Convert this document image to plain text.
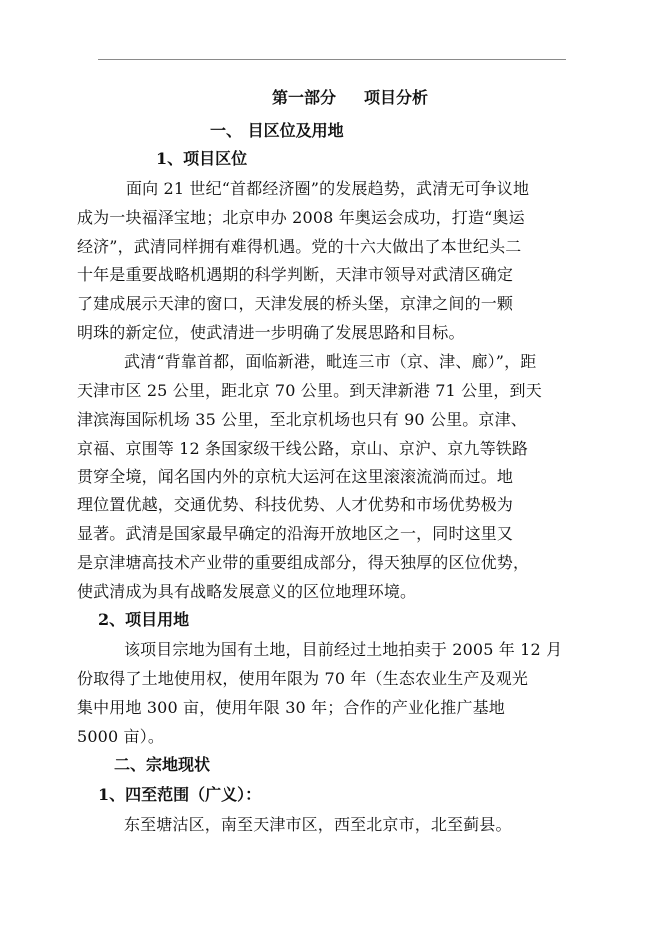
第一部分 项目分析
一、 目区位及用地
1、项目区位
面向 21 世纪“首都经济圈”的发展趋势，武清无可争议地
成为一块福泽宝地；北京申办 2008 年奥运会成功，打造“奥运
经济”，武清同样拥有难得机遇。党的十六大做出了本世纪头二
十年是重要战略机遇期的科学判断，天津市领导对武清区确定
了建成展示天津的窗口，天津发展的桥头堡，京津之间的一颗
明珠的新定位，使武清进一步明确了发展思路和目标。
武清“背靠首都，面临新港，毗连三市（京、津、廊）”，距
天津市区 25 公里，距北京 70 公里。到天津新港 71 公里，到天
津滨海国际机场 35 公里，至北京机场也只有 90 公里。京津、
京福、京围等 12 条国家级干线公路，京山、京沪、京九等铁路
贯穿全境，闻名国内外的京杭大运河在这里滚滚流淌而过。地
理位置优越，交通优势、科技优势、人才优势和市场优势极为
显著。武清是国家最早确定的沿海开放地区之一，同时这里又
是京津塘高技术产业带的重要组成部分，得天独厚的区位优势，
使武清成为具有战略发展意义的区位地理环境。
2、项目用地
该项目宗地为国有土地，目前经过土地拍卖于 2005 年 12 月
份取得了土地使用权，使用年限为 70 年（生态农业生产及观光
集中用地 300 亩，使用年限 30 年；合作的产业化推广基地
5000 亩）。
二、宗地现状
1、四至范围（广义）：
东至塘沽区，南至天津市区，西至北京市，北至蓟县。
